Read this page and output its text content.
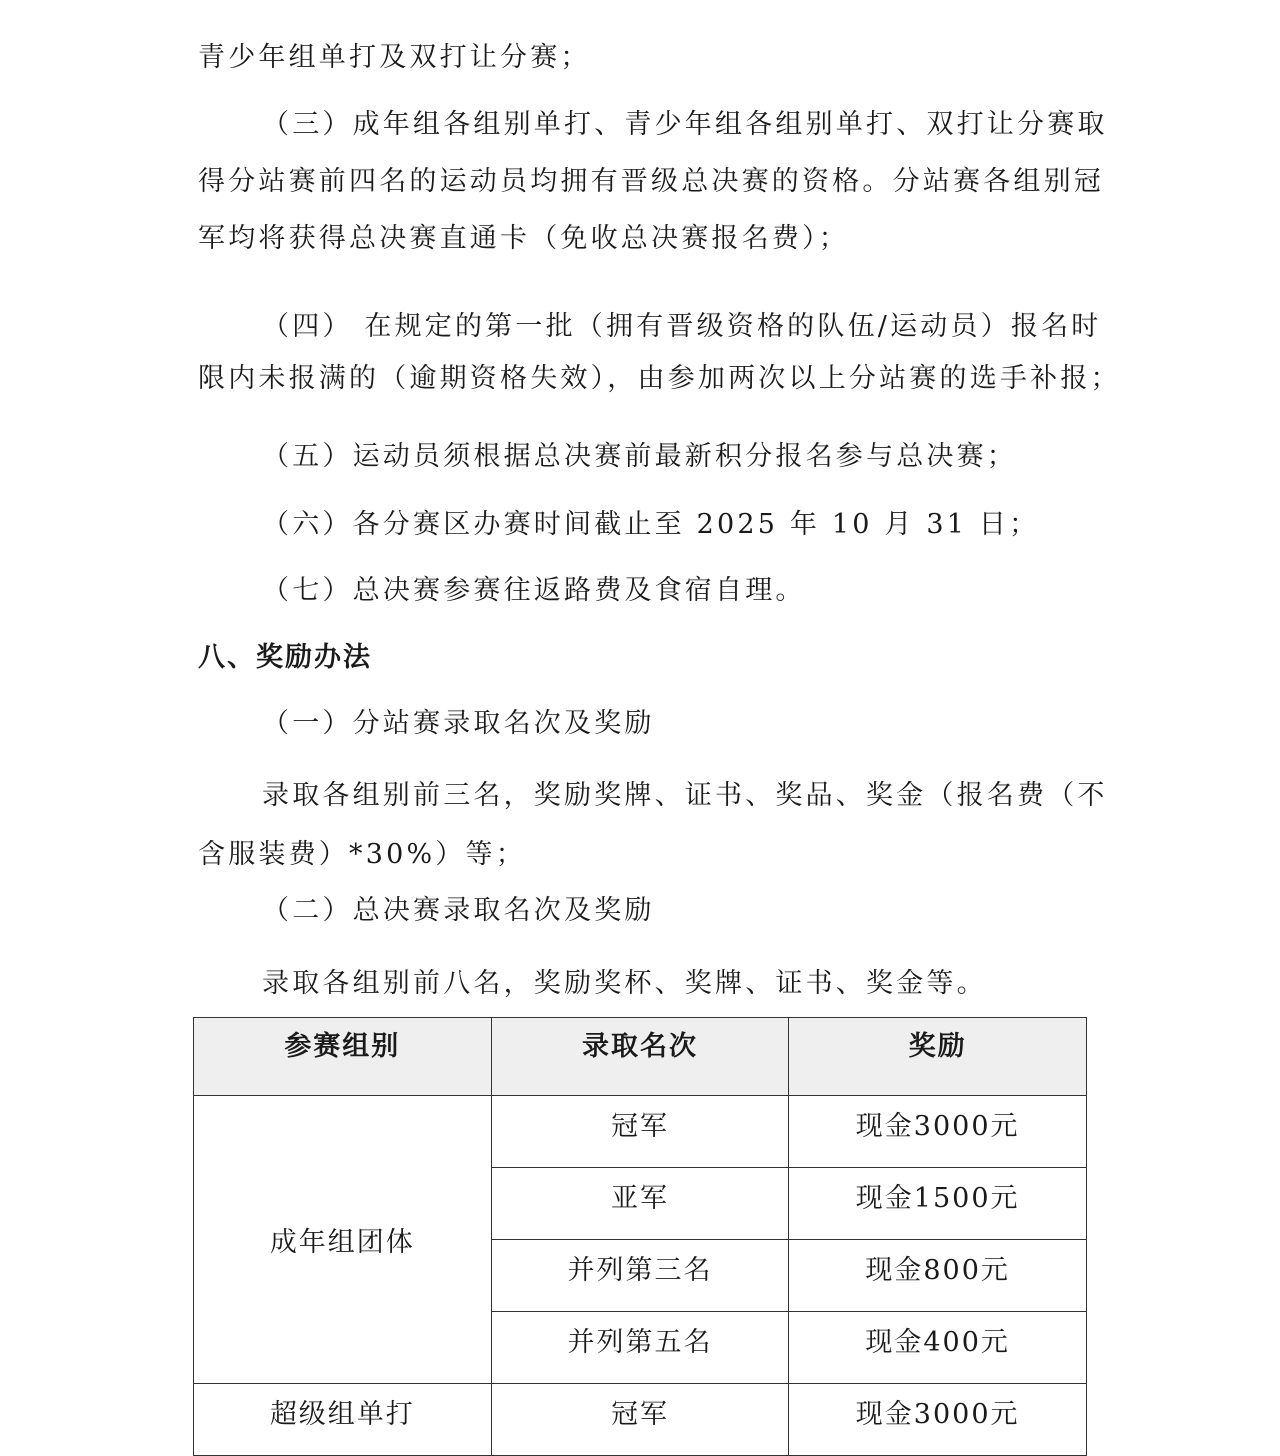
青少年组单打及双打让分赛；
（三）成年组各组别单打、青少年组各组别单打、双打让分赛取
得分站赛前四名的运动员均拥有晋级总决赛的资格。分站赛各组别冠
军均将获得总决赛直通卡（免收总决赛报名费）；
（四） 在规定的第一批（拥有晋级资格的队伍/运动员）报名时
限内未报满的（逾期资格失效），由参加两次以上分站赛的选手补报；
（五）运动员须根据总决赛前最新积分报名参与总决赛；
（六）各分赛区办赛时间截止至 2025 年 10 月 31 日；
（七）总决赛参赛往返路费及食宿自理。
八、奖励办法
（一）分站赛录取名次及奖励
录取各组别前三名，奖励奖牌、证书、奖品、奖金（报名费（不
含服装费）*30%）等；
（二）总决赛录取名次及奖励
录取各组别前八名，奖励奖杯、奖牌、证书、奖金等。
参赛组别	录取名次	奖励
成年组团体	冠军	现金3000元
	亚军	现金1500元
	并列第三名	现金800元
	并列第五名	现金400元
超级组单打	冠军	现金3000元
